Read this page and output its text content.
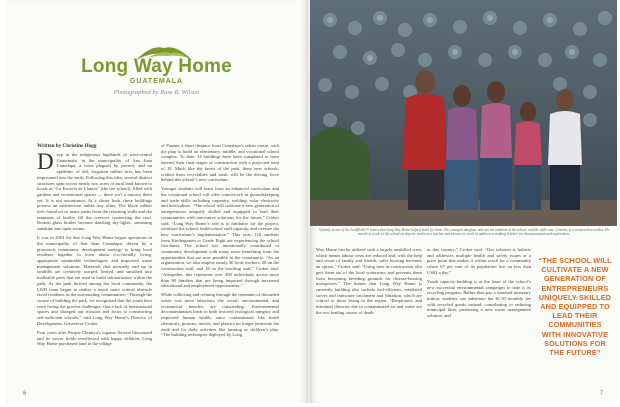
Long Way Home
GUATEMALA
Photographed by Rose B. Wilson
Written by Christine Hogg

Deep in the indigenous highlands of west-central Guatemala, in the municipality of San Juan Comalapa, a town plagued by poverty and an epidemic of old, forgotten rubber tires has been imprisoned into the earth. Following this idea, several distinct structures span across nearly two acres of rural land known to locals as “La Escuela de Llantas” (the tire school), filled with gardens and recreational spaces — there isn’t a nursery there yet. It is not uncommon. At a closer look, these buildings possess an architecture unlike any other. The black rubber tires found on so many paths from the returning walls and the remnants of bottles fill the crevices connecting the roof. Broken glass bottles become dazzling sky-lights, streaming sunshine into open rooms.

It was in 2004 for that Long Way Home began operations in the municipality of San Juan Comalapa, driven by a grassroots community development strategy to bring local residents together to learn about eco-friendly living, appropriate sustainable technologies, and improved waste management solutions. Materials that normally end up in landfills are creatively warped, heated, and smushed into malleable parts that are used to build infrastructure within the park. As the park thrived among the local community, the LWH team began to realize a much more critical obstacle faced residents in the surrounding communities: “Through the course of building the park, we recognized that the youth here were facing the gravest challenges: that a lack of international spaces and changed our mission and focus to constructing self-sufficient schools,” said Long Way Home’s Director of Development, Genevieve Croker.

Four years after Parque Chimiya’s organic flowers blossomed and its soccer fields overflowed with happy children, Long Way Home purchased land in the village

of Patzun, a short distance from Comalapa’s urban centre, with the plan to build an elementary, middle, and vocational school complex. To date, 14 buildings have been completed or have entered their final stages of construction with a projected total of 18. Much like the facets of the park, these new schools, crafted from recyclables and trash, will be the driving force behind this school’s new curriculum.

Younger students will learn from an enhanced curriculum and the vocational school will offer coursework in groundskeeping and trade skills including carpentry, welding, solar electricity and horticulture. “The school will cultivate a new generation of entrepreneurs uniquely skilled and equipped to lead their communities with innovative solutions for the future,” Croker said. “Long Way Home’s role is to fundraise for the project, construct the school, build school staff capacity, and oversee the new curriculum’s implementation.” This year, 118 students from Kindergarten to Grade Eight are experiencing the school first-hand. The school has intentionally contributed to community development with many more benefiting from the opportunities that are now possible in the community. “As an organization, we also employ nearly 30 local workers, 28 on the construction staff, and 18 on the teaching staff,” Croker said. “Altogether, this represents over 490 individuals across more than 90 families that are being impacted through increased educational and employment opportunities.”

While collecting and refining through the remnants of discarded waste was more laborious, the social, environmental, and economical benefits are outstanding. Environmental decontamination leads to both restored ecological integrity and improved human health, since contaminants like heath chemicals, poisons, metals, and plastics no longer permeate the earth and for daily activities like farming or children’s play. “The building techniques deployed by Long

6
A family at one of the LoofHolds™ homes that Long Way Home helped build for them. The youngest daughter and son are students at the school, and the older son, Cristian, is a construction worker. He travels to work on the school on days he works as a teacher and chooses to work in addition to making it better for documentation and exploration.

Way Home can be utilized with a largely unskilled crew, which means labour costs are reduced and, with the help and sweat of family and friends, safer housing becomes an option,” Croker said. “Using tires in construction also gets them out of the local waterways and prevents them from becoming breeding grounds for disease-bearing mosquitoes.” The homes that Long Way Home is currently building also include fuel-efficient, ventilated stoves and rainwater catchment and filtration, which are critical to those living in the region. “Respiratory and intestinal illnesses due to contaminated air and water are the two leading causes of death

in this country,” Croker said. “Our solution is holistic and addresses multiple health and safety issues at a price point that makes it within reach for a community where 67 per cent of its population live on less than US$2 a day.”

Youth capacity-building is at the heart of the school’s new successful environmental campaigns to date is its recycling program. Rather than pay a standard monetary tuition, students can substitute the $1.50 monthly fee with recycled goods instead, contributing to reducing municipal litter, promoting a new waste management solution, and

“THE SCHOOL WILL CULTIVATE A NEW GENERATION OF ENTREPRENEURS UNIQUELY SKILLED AND EQUIPPED TO LEAD THEIR COMMUNITIES WITH INNOVATIVE SOLUTIONS FOR THE FUTURE”
7
